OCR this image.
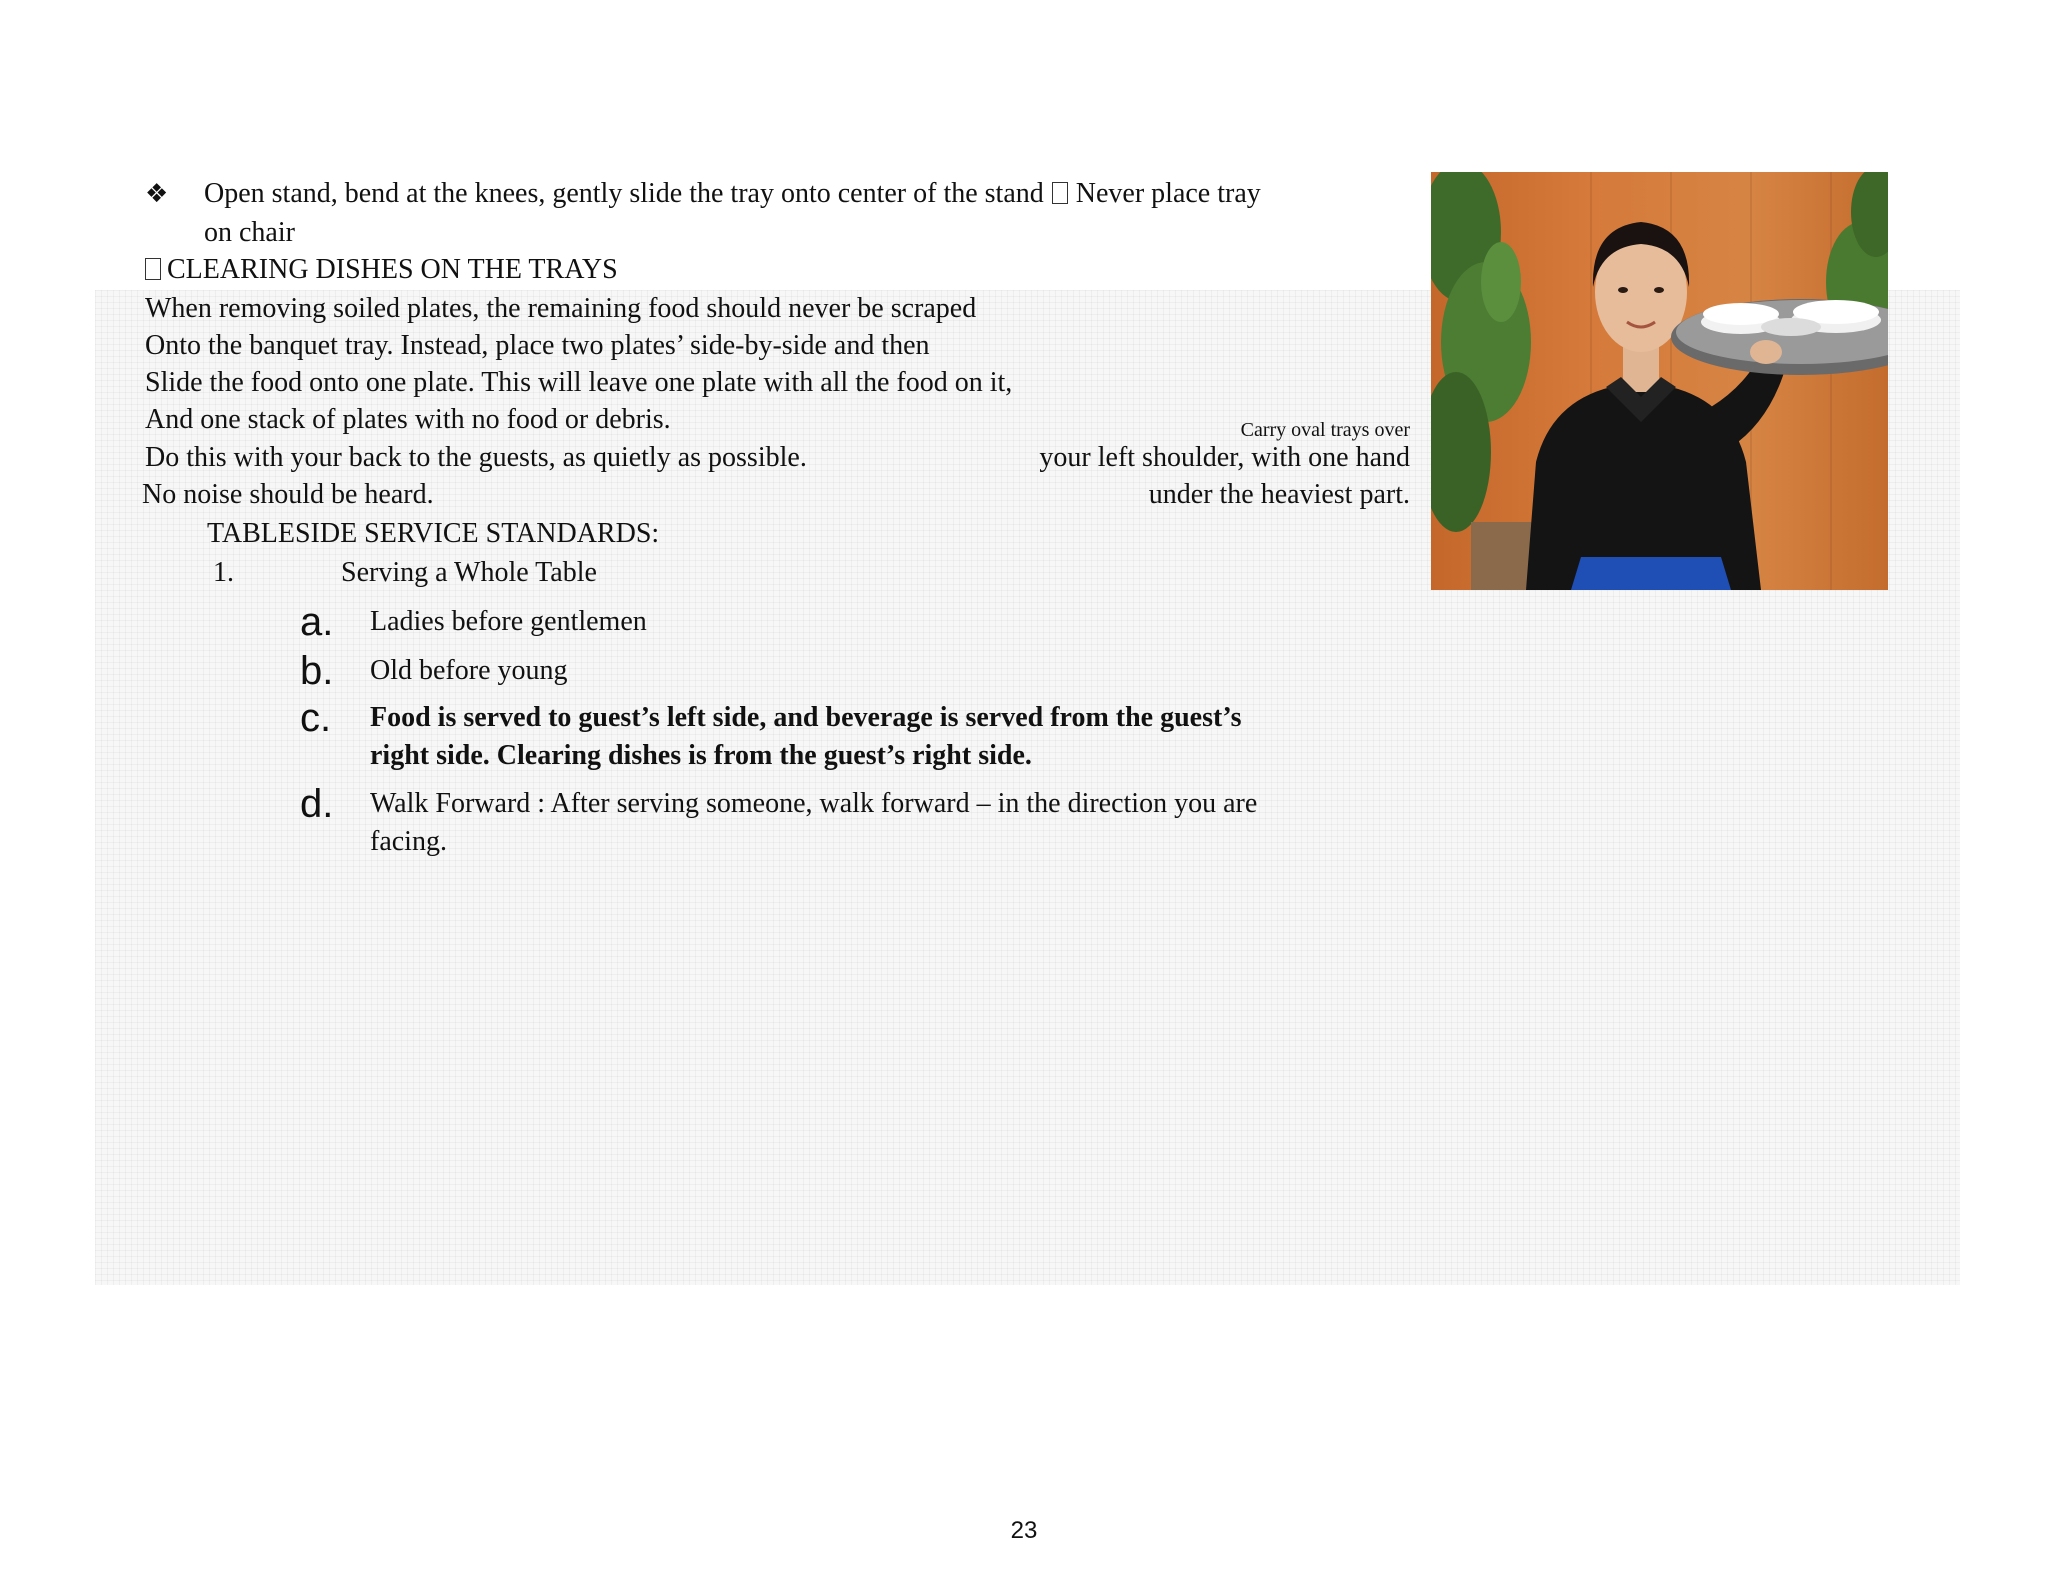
❖ Open stand, bend at the knees, gently slide the tray onto center of the stand Never place tray
on chair
CLEARING DISHES ON THE TRAYS
When removing soiled plates, the remaining food should never be scraped
Onto the banquet tray. Instead, place two plates’ side-by-side and then
Slide the food onto one plate. This will leave one plate with all the food on it,
And one stack of plates with no food or debris.
Do this with your back to the guests, as quietly as possible.
No noise should be heard.
Carry oval trays over
your left shoulder, with one hand
under the heaviest part.
TABLESIDE SERVICE STANDARDS:
1.	Serving a Whole Table
a. Ladies before gentlemen
b. Old before young
c. Food is served to guest’s left side, and beverage is served from the guest’s
right side. Clearing dishes is from the guest’s right side.
d. Walk Forward : After serving someone, walk forward – in the direction you are
facing.
23
